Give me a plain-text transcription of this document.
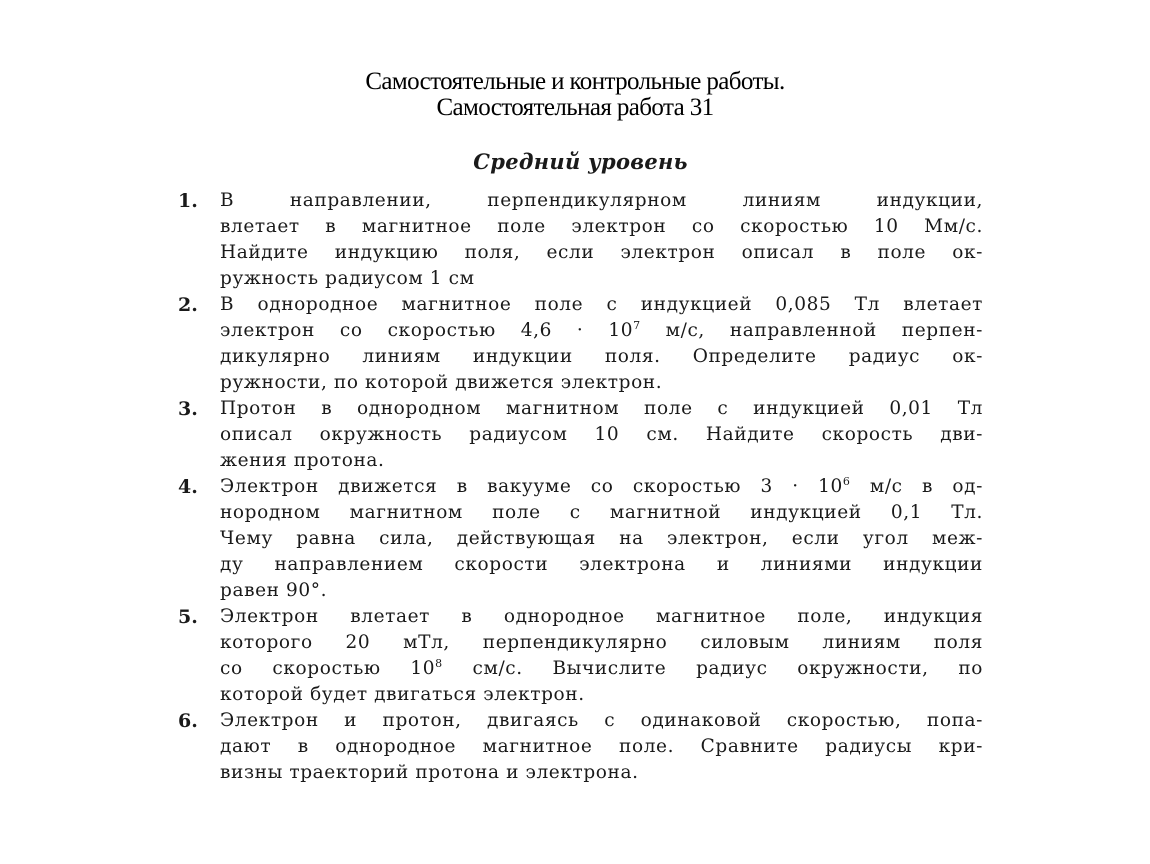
Самостоятельные и контрольные работы.
Самостоятельная работа 31
Средний уровень
1. В направлении, перпендикулярном линиям индукции,
влетает в магнитное поле электрон со скоростью 10 Мм/с.
Найдите индукцию поля, если электрон описал в поле ок-
ружность радиусом 1 см
2. В однородное магнитное поле с индукцией 0,085 Тл влетает
электрон со скоростью $4,6 \cdot 10^7$ м/с, направленной перпен-
дикулярно линиям индукции поля. Определите радиус ок-
ружности, по которой движется электрон.
3. Протон в однородном магнитном поле с индукцией 0,01 Тл
описал окружность радиусом 10 см. Найдите скорость дви-
жения протона.
4. Электрон движется в вакууме со скоростью $3 \cdot 10^6$ м/с в од-
нородном магнитном поле с магнитной индукцией 0,1 Тл.
Чему равна сила, действующая на электрон, если угол меж-
ду направлением скорости электрона и линиями индукции
равен 90°.
5. Электрон влетает в однородное магнитное поле, индукция
которого 20 мТл, перпендикулярно силовым линиям поля
со скоростью $10^8$ см/с. Вычислите радиус окружности, по
которой будет двигаться электрон.
6. Электрон и протон, двигаясь с одинаковой скоростью, попа-
дают в однородное магнитное поле. Сравните радиусы кри-
визны траекторий протона и электрона.
